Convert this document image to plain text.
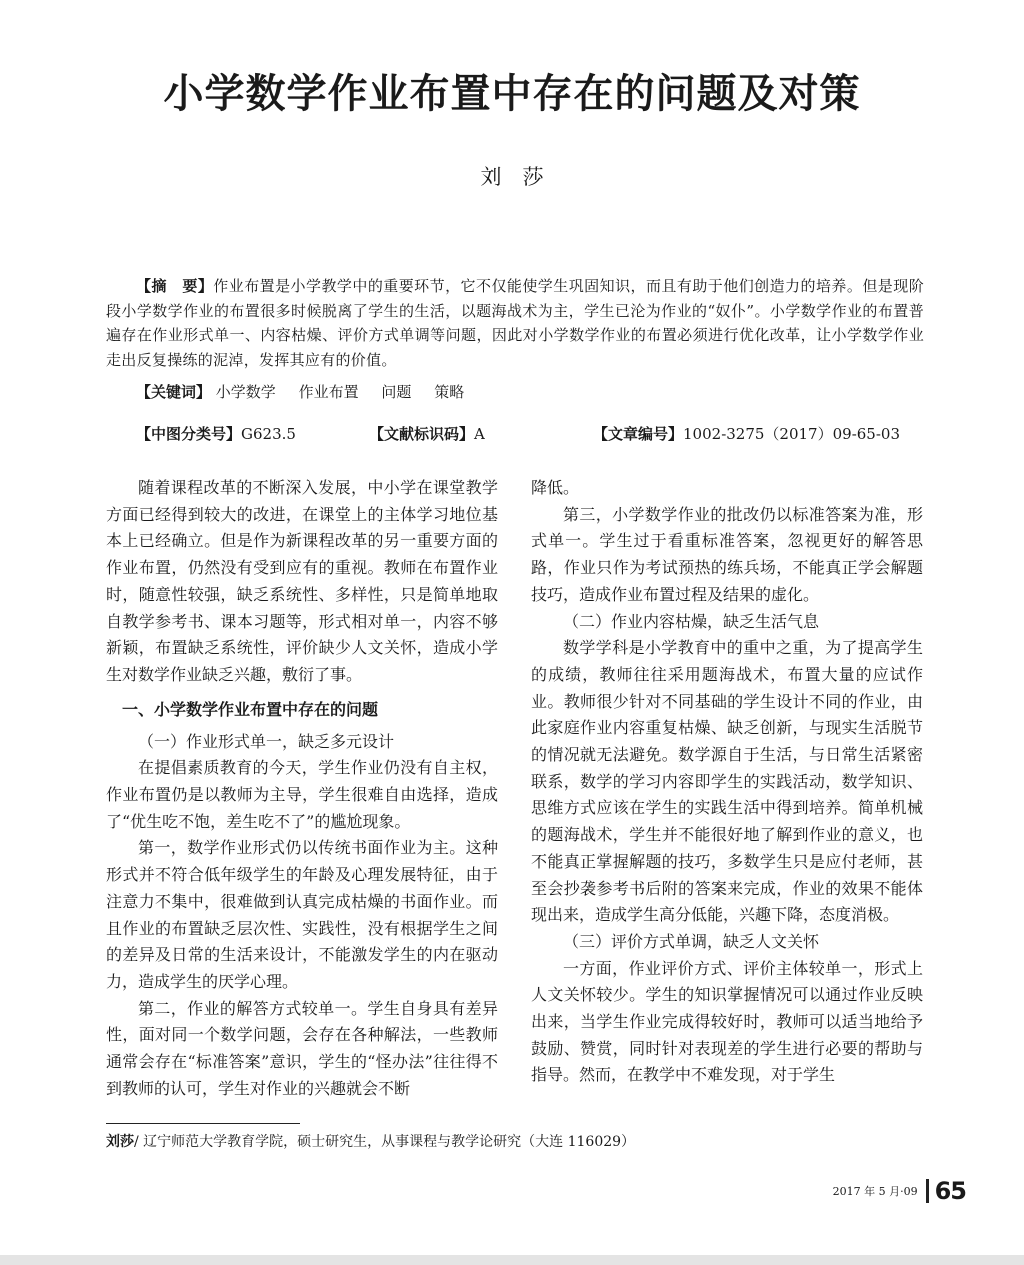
小学数学作业布置中存在的问题及对策
刘　莎

【摘　要】作业布置是小学教学中的重要环节，它不仅能使学生巩固知识，而且有助于他们创造力的培养。但是现阶段小学数学作业的布置很多时候脱离了学生的生活，以题海战术为主，学生已沦为作业的“奴仆”。小学数学作业的布置普遍存在作业形式单一、内容枯燥、评价方式单调等问题，因此对小学数学作业的布置必须进行优化改革，让小学数学作业走出反复操练的泥淖，发挥其应有的价值。

【关键词】 小学数学 作业布置 问题 策略
【中图分类号】G623.5	【文献标识码】A	【文章编号】1002-3275（2017）09-65-03

随着课程改革的不断深入发展，中小学在课堂教学方面已经得到较大的改进，在课堂上的主体学习地位基本上已经确立。但是作为新课程改革的另一重要方面的作业布置，仍然没有受到应有的重视。教师在布置作业时，随意性较强，缺乏系统性、多样性，只是简单地取自教学参考书、课本习题等，形式相对单一，内容不够新颖，布置缺乏系统性，评价缺少人文关怀，造成小学生对数学作业缺乏兴趣，敷衍了事。

一、小学数学作业布置中存在的问题
（一）作业形式单一，缺乏多元设计

在提倡素质教育的今天，学生作业仍没有自主权，作业布置仍是以教师为主导，学生很难自由选择，造成了“优生吃不饱，差生吃不了”的尴尬现象。

第一，数学作业形式仍以传统书面作业为主。这种形式并不符合低年级学生的年龄及心理发展特征，由于注意力不集中，很难做到认真完成枯燥的书面作业。而且作业的布置缺乏层次性、实践性，没有根据学生之间的差异及日常的生活来设计，不能激发学生的内在驱动力，造成学生的厌学心理。

第二，作业的解答方式较单一。学生自身具有差异性，面对同一个数学问题，会存在各种解法，一些教师通常会存在“标准答案”意识，学生的“怪办法”往往得不到教师的认可，学生对作业的兴趣就会不断

降低。

第三，小学数学作业的批改仍以标准答案为准，形式单一。学生过于看重标准答案，忽视更好的解答思路，作业只作为考试预热的练兵场，不能真正学会解题技巧，造成作业布置过程及结果的虚化。

（二）作业内容枯燥，缺乏生活气息

数学学科是小学教育中的重中之重，为了提高学生的成绩，教师往往采用题海战术，布置大量的应试作业。教师很少针对不同基础的学生设计不同的作业，由此家庭作业内容重复枯燥、缺乏创新，与现实生活脱节的情况就无法避免。数学源自于生活，与日常生活紧密联系，数学的学习内容即学生的实践活动，数学知识、思维方式应该在学生的实践生活中得到培养。简单机械的题海战术，学生并不能很好地了解到作业的意义，也不能真正掌握解题的技巧，多数学生只是应付老师，甚至会抄袭参考书后附的答案来完成，作业的效果不能体现出来，造成学生高分低能，兴趣下降，态度消极。

（三）评价方式单调，缺乏人文关怀

一方面，作业评价方式、评价主体较单一，形式上人文关怀较少。学生的知识掌握情况可以通过作业反映出来，当学生作业完成得较好时，教师可以适当地给予鼓励、赞赏，同时针对表现差的学生进行必要的帮助与指导。然而，在教学中不难发现，对于学生

刘莎/ 辽宁师范大学教育学院，硕士研究生，从事课程与教学论研究（大连 116029）
2017 年 5 月·09 65
